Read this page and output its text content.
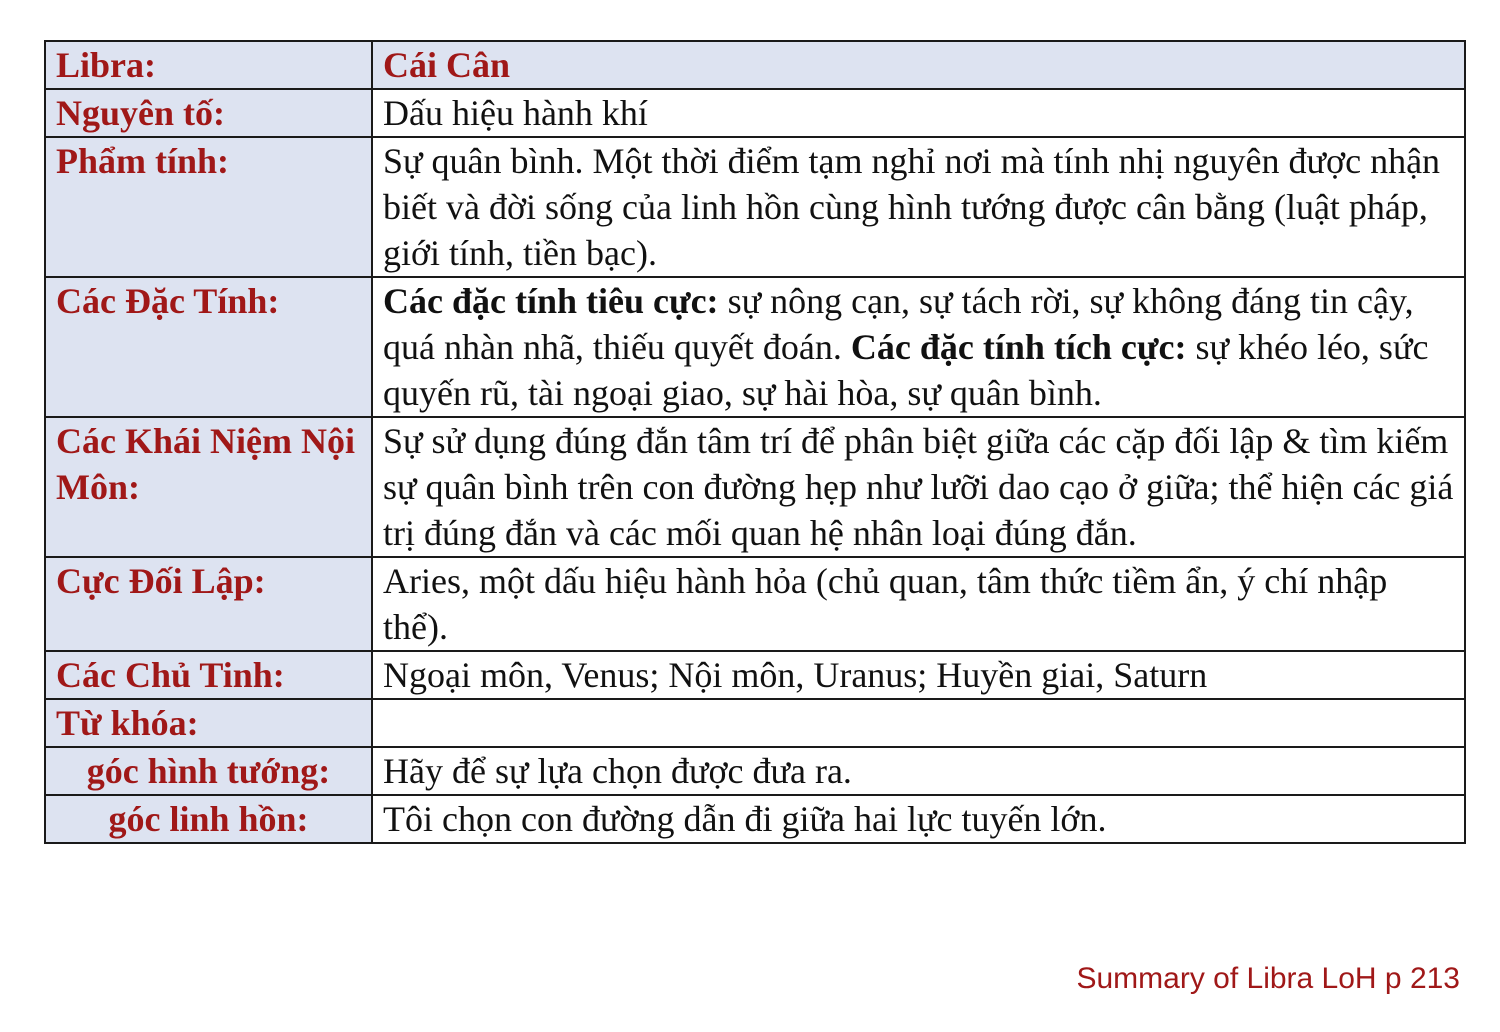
Libra:	Cái Cân
Nguyên tố:	Dấu hiệu hành khí
Phẩm tính:	Sự quân bình. Một thời điểm tạm nghỉ nơi mà tính nhị nguyên được nhận biết và đời sống của linh hồn cùng hình tướng được cân bằng (luật pháp, giới tính, tiền bạc).
Các Đặc Tính:	Các đặc tính tiêu cực: sự nông cạn, sự tách rời, sự không đáng tin cậy, quá nhàn nhã, thiếu quyết đoán. Các đặc tính tích cực: sự khéo léo, sức quyến rũ, tài ngoại giao, sự hài hòa, sự quân bình.
Các Khái Niệm Nội Môn:	Sự sử dụng đúng đắn tâm trí để phân biệt giữa các cặp đối lập & tìm kiếm sự quân bình trên con đường hẹp như lưỡi dao cạo ở giữa; thể hiện các giá trị đúng đắn và các mối quan hệ nhân loại đúng đắn.
Cực Đối Lập:	Aries, một dấu hiệu hành hỏa (chủ quan, tâm thức tiềm ẩn, ý chí nhập thể).
Các Chủ Tinh:	Ngoại môn, Venus; Nội môn, Uranus; Huyền giai, Saturn
Từ khóa:	
góc hình tướng:	Hãy để sự lựa chọn được đưa ra.
góc linh hồn:	Tôi chọn con đường dẫn đi giữa hai lực tuyến lớn.
Summary of Libra LoH p 213
